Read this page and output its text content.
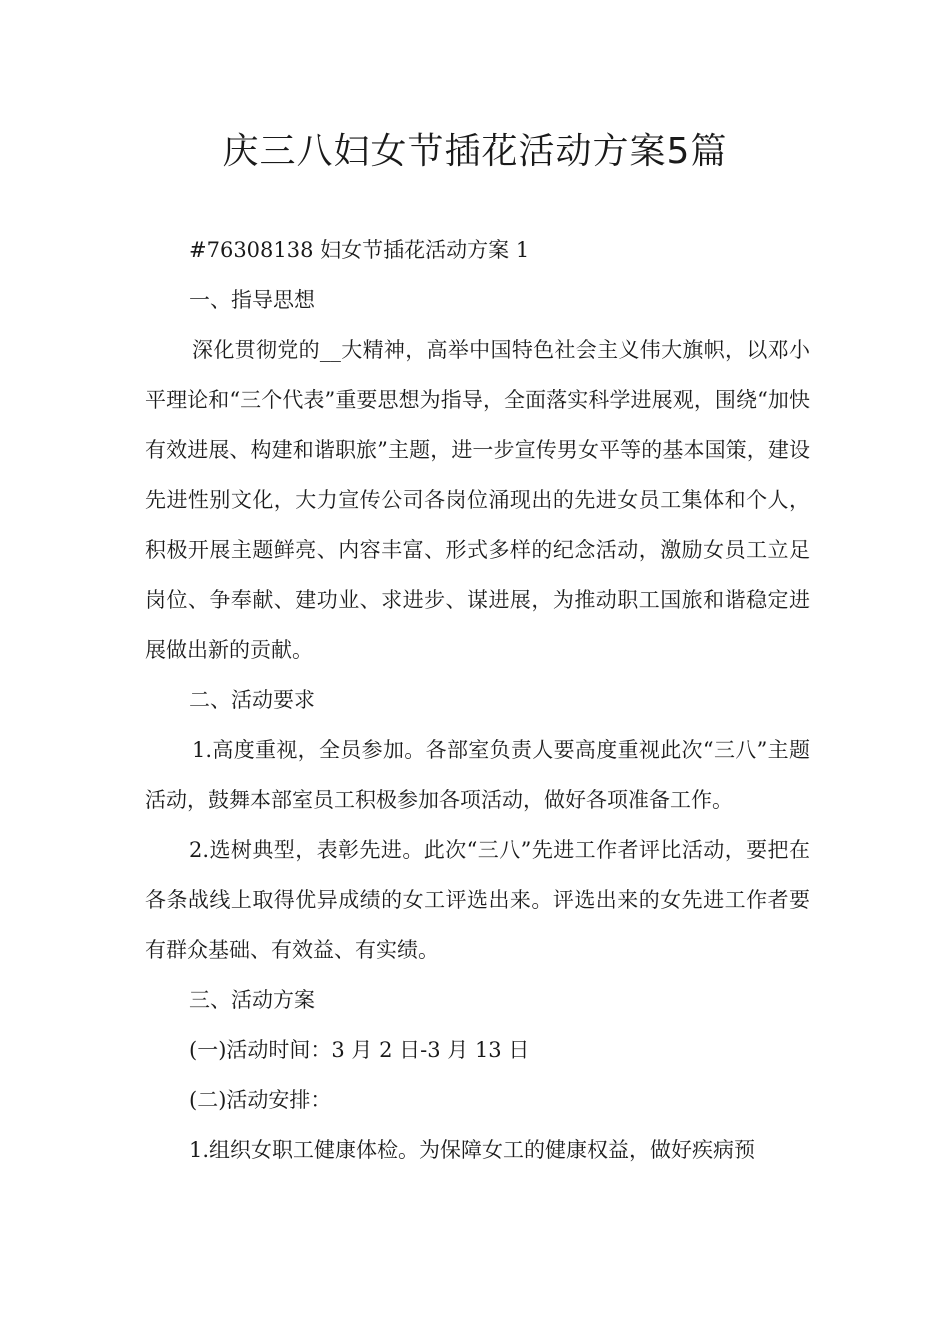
庆三八妇女节插花活动方案5篇

#76308138 妇女节插花活动方案 1

一、指导思想

深化贯彻党的__大精神，高举中国特色社会主义伟大旗帜，以邓小平理论和“三个代表”重要思想为指导，全面落实科学进展观，围绕“加快有效进展、构建和谐职旅”主题，进一步宣传男女平等的基本国策，建设先进性别文化，大力宣传公司各岗位涌现出的先进女员工集体和个人，积极开展主题鲜亮、内容丰富、形式多样的纪念活动，激励女员工立足岗位、争奉献、建功业、求进步、谋进展，为推动职工国旅和谐稳定进展做出新的贡献。

二、活动要求

1.高度重视，全员参加。各部室负责人要高度重视此次“三八”主题活动，鼓舞本部室员工积极参加各项活动，做好各项准备工作。

2.选树典型，表彰先进。此次“三八”先进工作者评比活动，要把在各条战线上取得优异成绩的女工评选出来。评选出来的女先进工作者要有群众基础、有效益、有实绩。

三、活动方案

(一)活动时间：3 月 2 日-3 月 13 日

(二)活动安排：

1.组织女职工健康体检。为保障女工的健康权益，做好疾病预
